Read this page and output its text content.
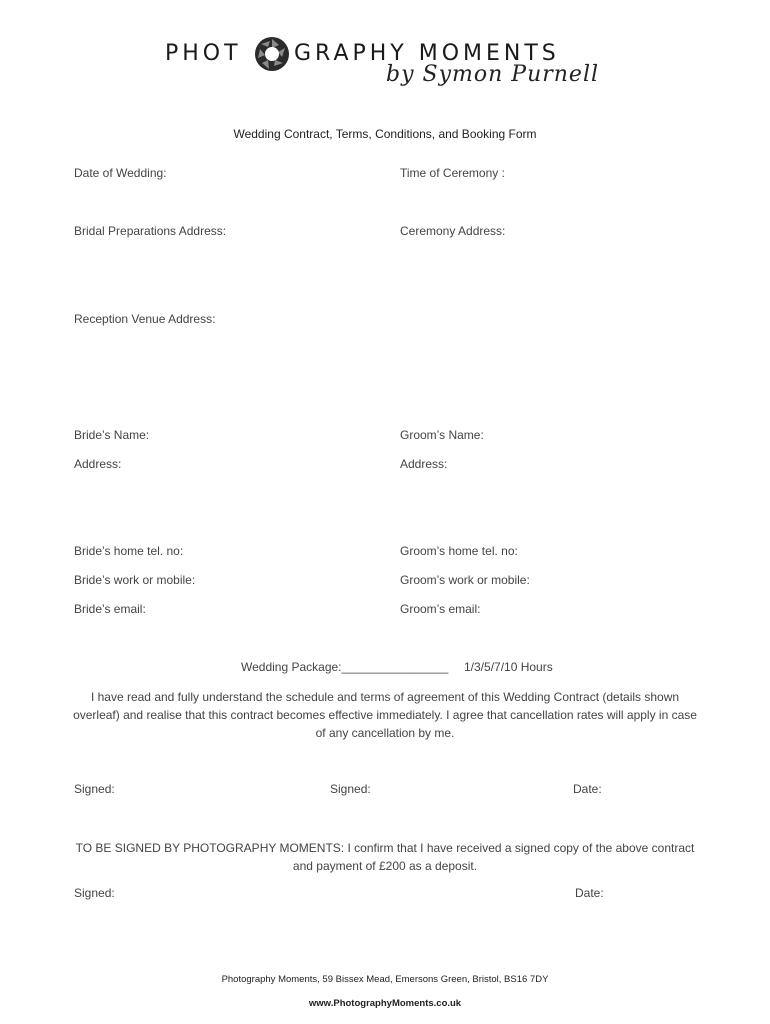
PHOT GRAPHY MOMENTS
by Symon Purnell
Wedding Contract, Terms, Conditions, and Booking Form
Date of Wedding:	Time of Ceremony :
Bridal Preparations Address:	Ceremony Address:
Reception Venue Address:
Bride’s Name:	Groom’s Name:
Address:	Address:
Bride’s home tel. no:	Groom’s home tel. no:
Bride’s work or mobile:	Groom’s work or mobile:
Bride’s email:	Groom’s email:
Wedding Package:________________ 1/3/5/7/10 Hours
I have read and fully understand the schedule and terms of agreement of this Wedding Contract (details shown overleaf) and realise that this contract becomes effective immediately. I agree that cancellation rates will apply in case of any cancellation by me.
Signed:	Signed:	Date:
TO BE SIGNED BY PHOTOGRAPHY MOMENTS: I confirm that I have received a signed copy of the above contract and payment of £200 as a deposit.
Signed:	Date:
Photography Moments, 59 Bissex Mead, Emersons Green, Bristol, BS16 7DY
www.PhotographyMoments.co.uk
